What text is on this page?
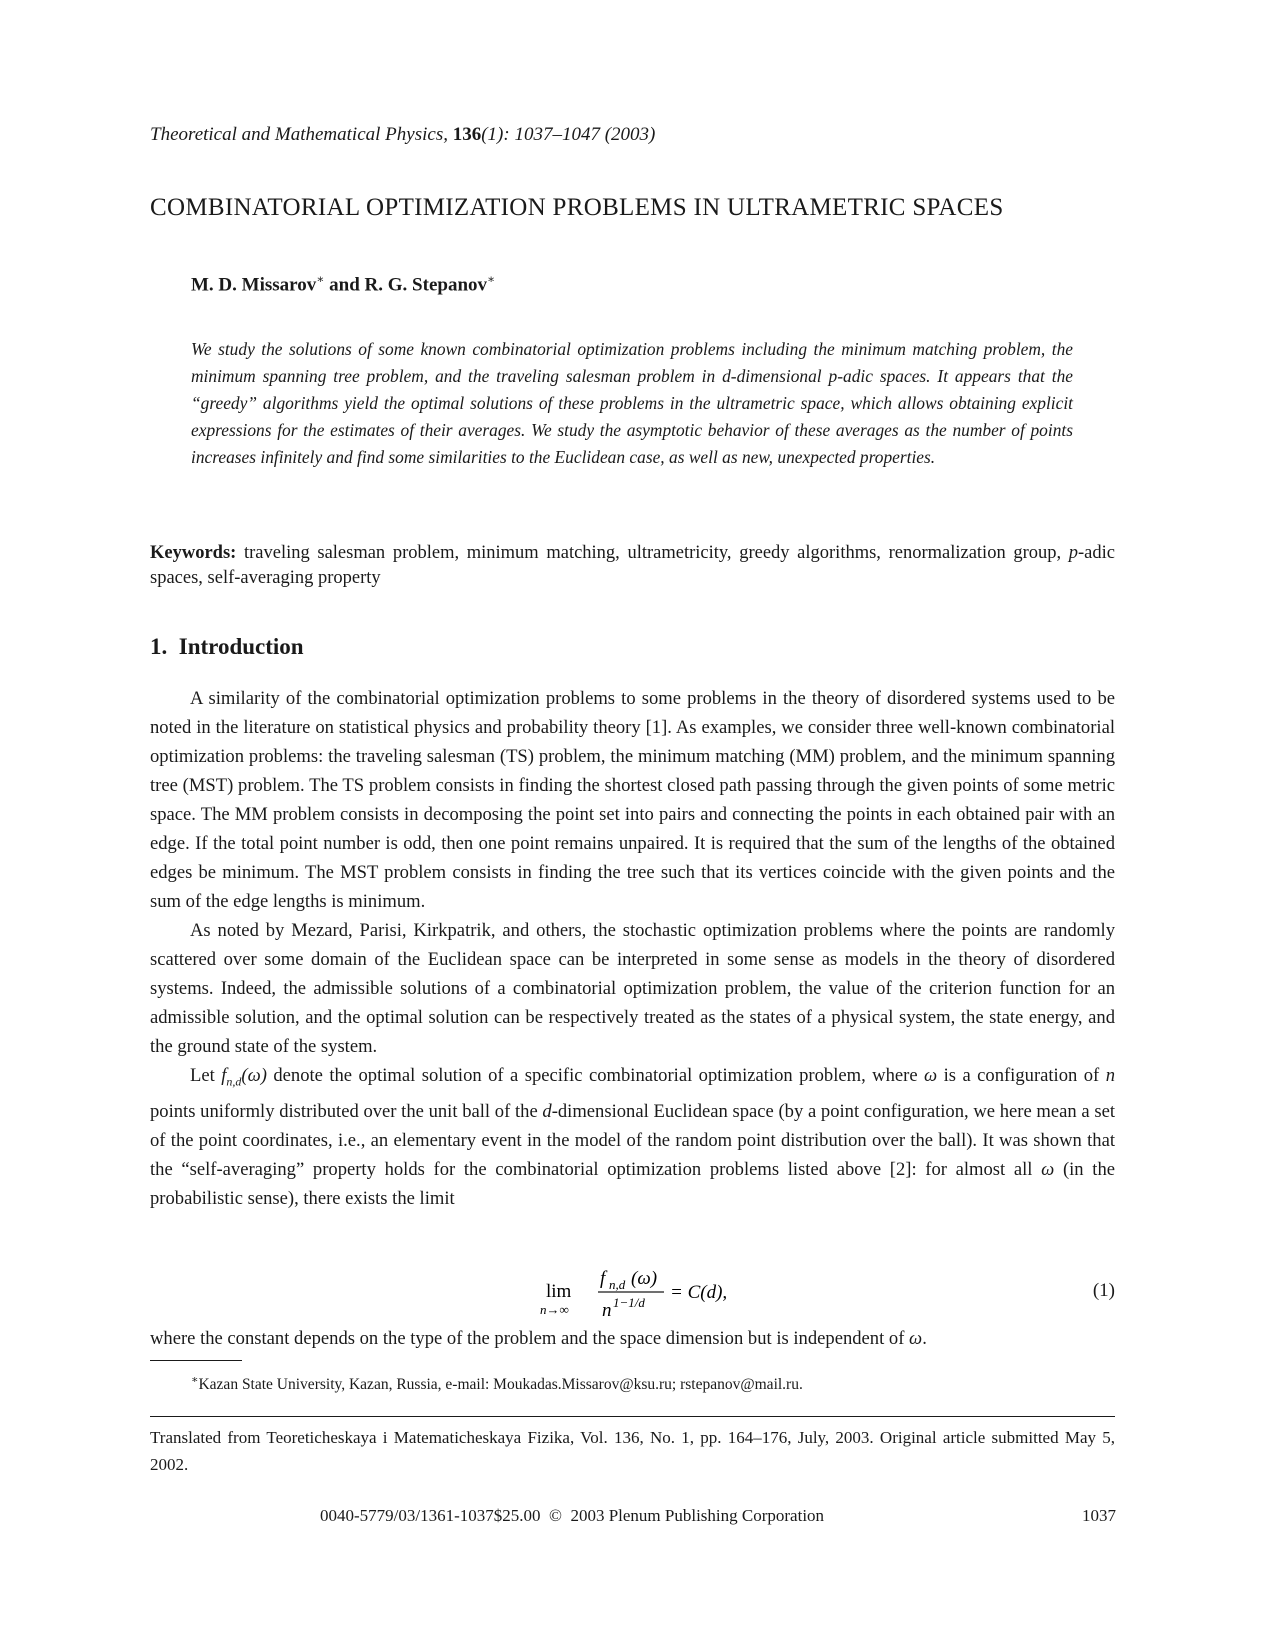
Theoretical and Mathematical Physics, 136(1): 1037–1047 (2003)
COMBINATORIAL OPTIMIZATION PROBLEMS IN ULTRAMETRIC SPACES
M. D. Missarov∗ and R. G. Stepanov∗
We study the solutions of some known combinatorial optimization problems including the minimum matching problem, the minimum spanning tree problem, and the traveling salesman problem in d-dimensional p-adic spaces. It appears that the “greedy” algorithms yield the optimal solutions of these problems in the ultrametric space, which allows obtaining explicit expressions for the estimates of their averages. We study the asymptotic behavior of these averages as the number of points increases infinitely and find some similarities to the Euclidean case, as well as new, unexpected properties.
Keywords: traveling salesman problem, minimum matching, ultrametricity, greedy algorithms, renormalization group, p-adic spaces, self-averaging property
1. Introduction

A similarity of the combinatorial optimization problems to some problems in the theory of disordered systems used to be noted in the literature on statistical physics and probability theory [1]. As examples, we consider three well-known combinatorial optimization problems: the traveling salesman (TS) problem, the minimum matching (MM) problem, and the minimum spanning tree (MST) problem. The TS problem consists in finding the shortest closed path passing through the given points of some metric space. The MM problem consists in decomposing the point set into pairs and connecting the points in each obtained pair with an edge. If the total point number is odd, then one point remains unpaired. It is required that the sum of the lengths of the obtained edges be minimum. The MST problem consists in finding the tree such that its vertices coincide with the given points and the sum of the edge lengths is minimum.

As noted by Mezard, Parisi, Kirkpatrik, and others, the stochastic optimization problems where the points are randomly scattered over some domain of the Euclidean space can be interpreted in some sense as models in the theory of disordered systems. Indeed, the admissible solutions of a combinatorial optimization problem, the value of the criterion function for an admissible solution, and the optimal solution can be respectively treated as the states of a physical system, the state energy, and the ground state of the system.

Let $f_{n,d}(\omega)$ denote the optimal solution of a specific combinatorial optimization problem, where ω is a configuration of n points uniformly distributed over the unit ball of the d-dimensional Euclidean space (by a point configuration, we here mean a set of the point coordinates, i.e., an elementary event in the model of the random point distribution over the ball). It was shown that the “self-averaging” property holds for the combinatorial optimization problems listed above [2]: for almost all ω (in the probabilistic sense), there exists the limit

lim
n→∞
f n,d (ω)
n 1−1/d = C(d),	(1)
where the constant depends on the type of the problem and the space dimension but is independent of ω.
∗Kazan State University, Kazan, Russia, e-mail: Moukadas.Missarov@ksu.ru; rstepanov@mail.ru.
Translated from Teoreticheskaya i Matematicheskaya Fizika, Vol. 136, No. 1, pp. 164–176, July, 2003. Original article submitted May 5, 2002.
0040-5779/03/1361-1037$25.00 © 2003 Plenum Publishing Corporation	1037
